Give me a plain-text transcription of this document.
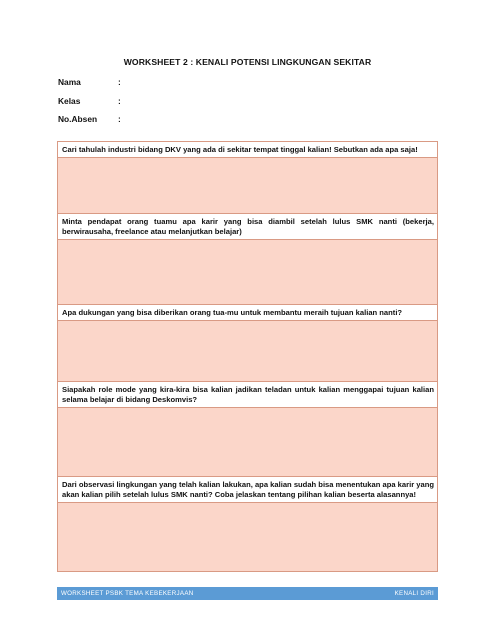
WORKSHEET 2 : KENALI POTENSI LINGKUNGAN SEKITAR
Nama	:
Kelas	:
No.Absen :
Cari tahulah industri bidang DKV yang ada di sekitar tempat tinggal kalian! Sebutkan ada apa saja!
Minta pendapat orang tuamu apa karir yang bisa diambil setelah lulus SMK nanti (bekerja, berwirausaha, freelance atau melanjutkan belajar)
Apa dukungan yang bisa diberikan orang tua-mu untuk membantu meraih tujuan kalian nanti?
Siapakah role mode yang kira-kira bisa kalian jadikan teladan untuk kalian menggapai tujuan kalian selama belajar di bidang Deskomvis?
Dari observasi lingkungan yang telah kalian lakukan, apa kalian sudah bisa menentukan apa karir yang akan kalian pilih setelah lulus SMK nanti? Coba jelaskan tentang pilihan kalian beserta alasannya!
WORKSHEET PSBK TEMA KEBEKERJAAN	KENALI DIRI
